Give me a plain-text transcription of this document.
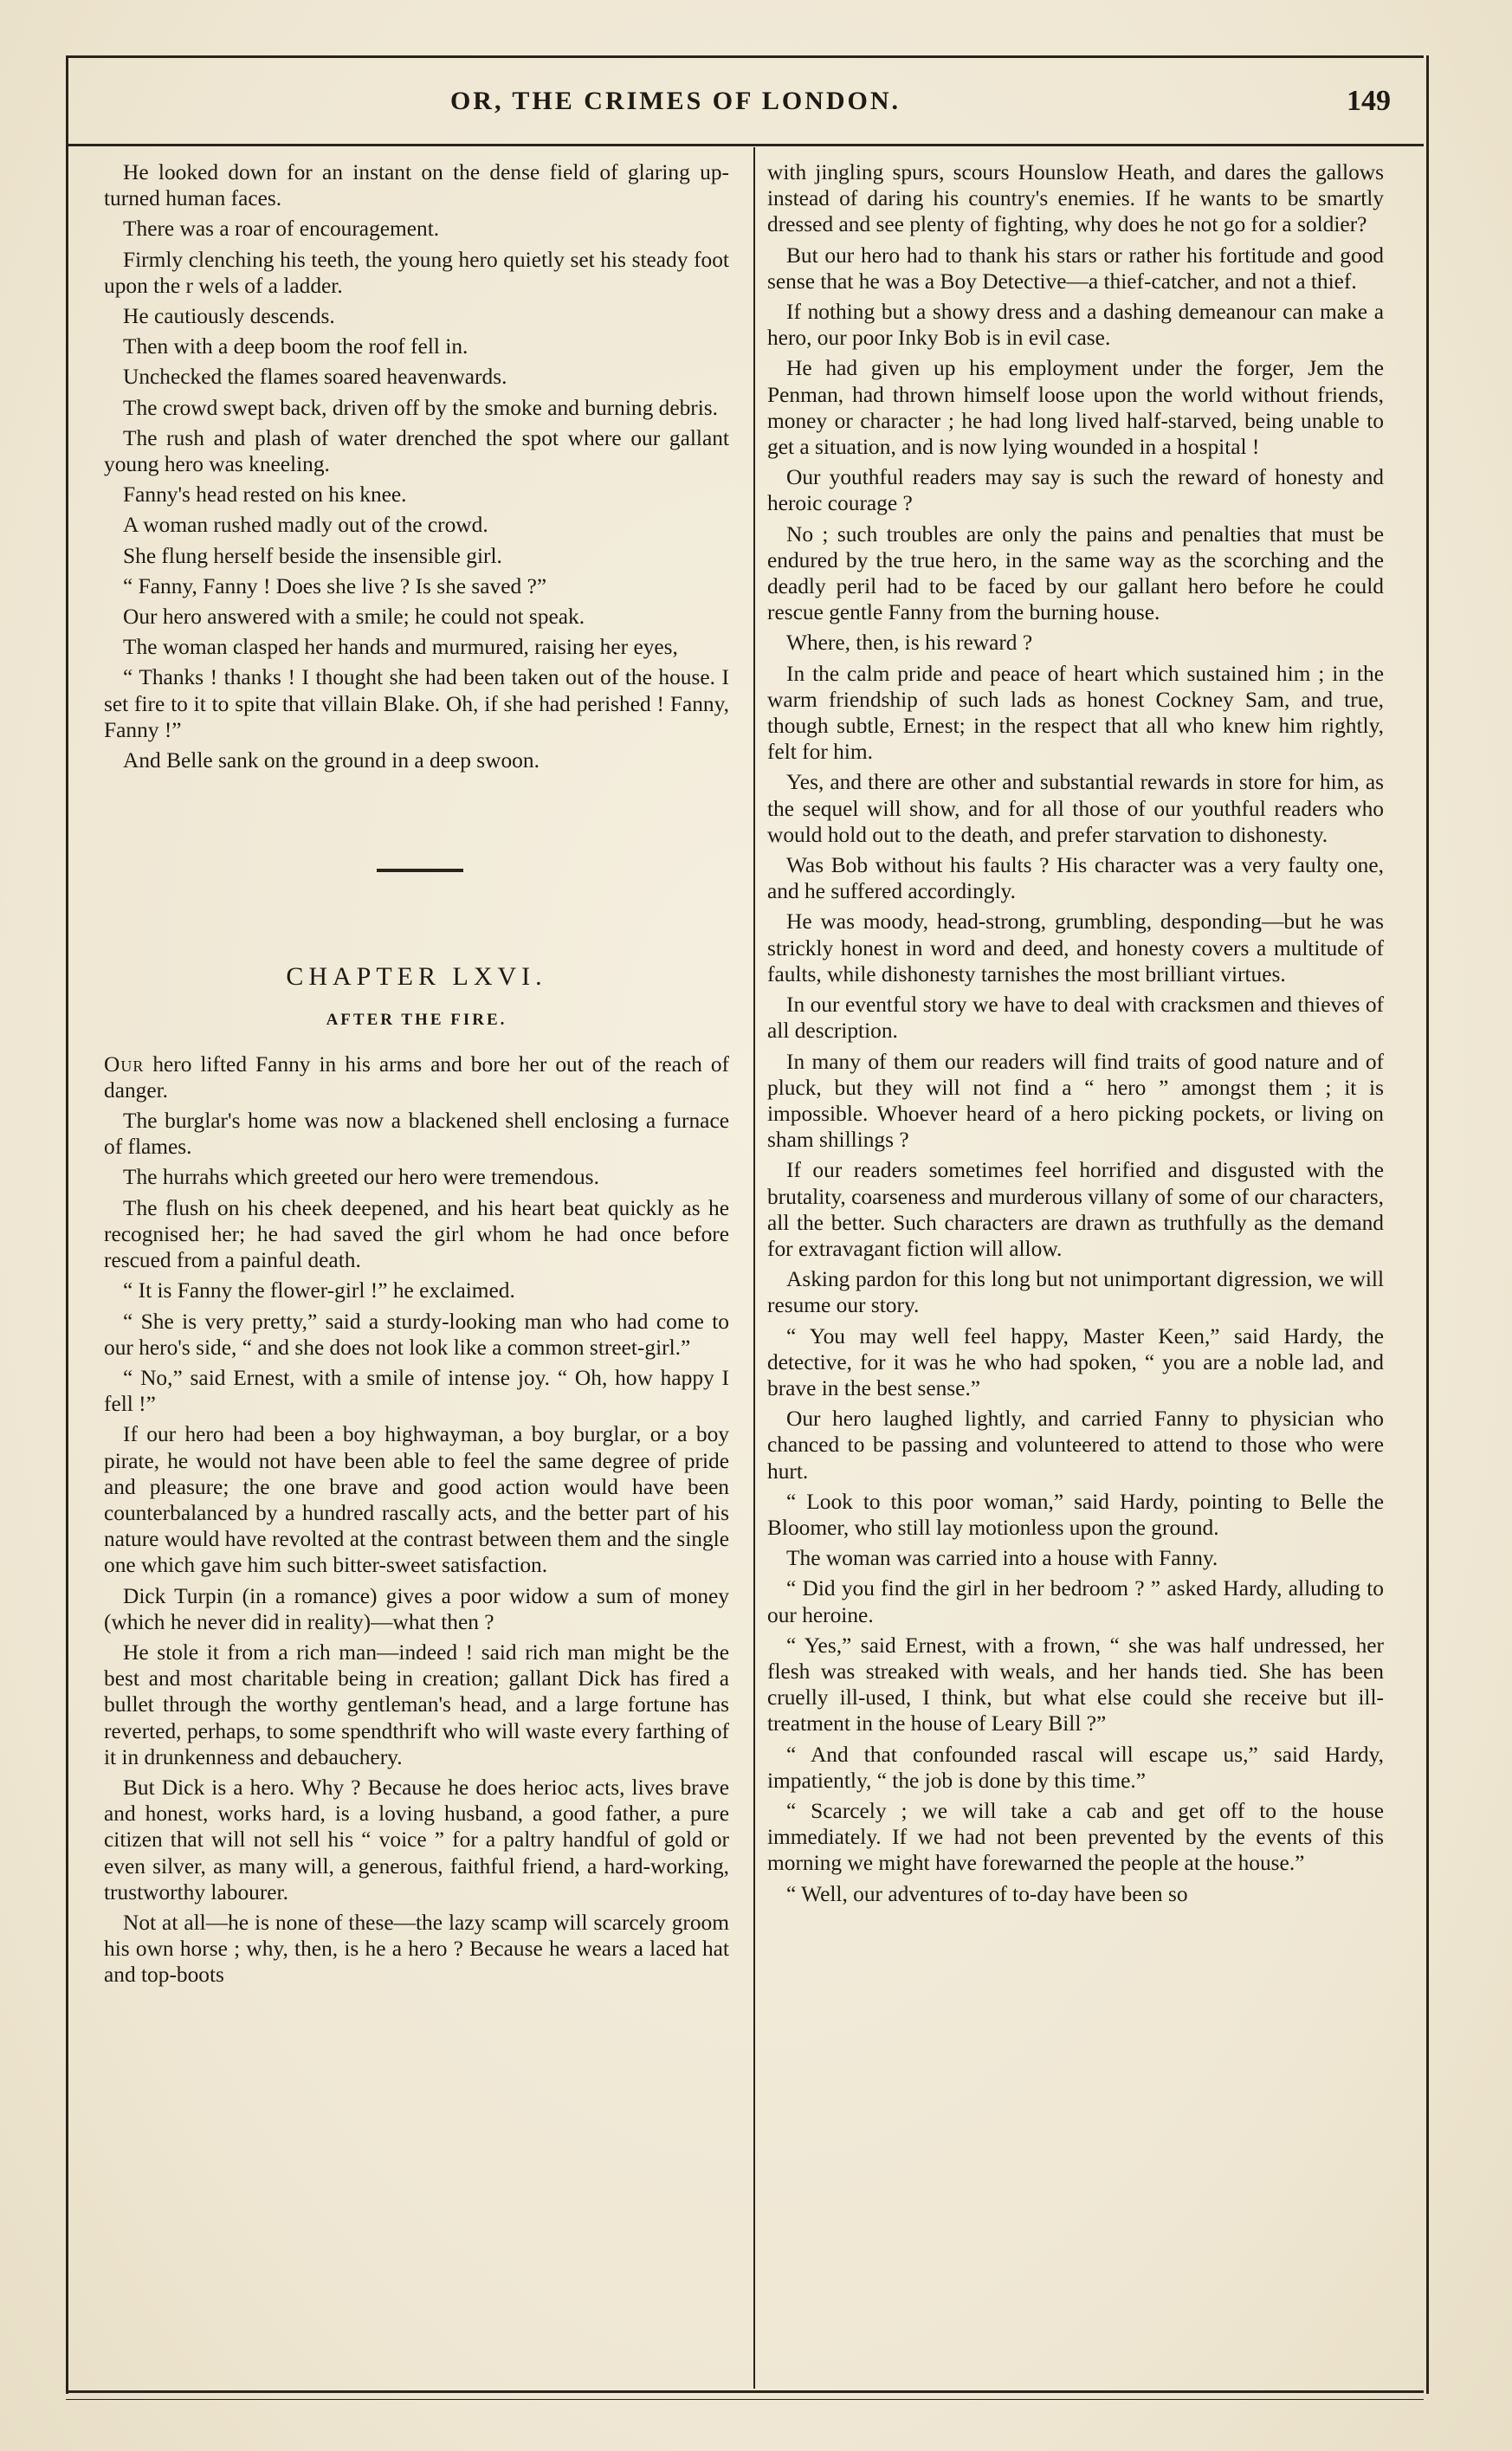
OR, THE CRIMES OF LONDON.	149

He looked down for an instant on the dense field of glaring up-turned human faces.

There was a roar of encouragement.

Firmly clenching his teeth, the young hero quietly set his steady foot upon the r wels of a ladder.

He cautiously descends.

Then with a deep boom the roof fell in.

Unchecked the flames soared heavenwards.

The crowd swept back, driven off by the smoke and burning debris.

The rush and plash of water drenched the spot where our gallant young hero was kneeling.

Fanny's head rested on his knee.

A woman rushed madly out of the crowd.

She flung herself beside the insensible girl.

“ Fanny, Fanny ! Does she live ? Is she saved ?”

Our hero answered with a smile; he could not speak.

The woman clasped her hands and murmured, raising her eyes,

“ Thanks ! thanks ! I thought she had been taken out of the house. I set fire to it to spite that villain Blake. Oh, if she had perished ! Fanny, Fanny !”

And Belle sank on the ground in a deep swoon.

CHAPTER LXVI.
AFTER THE FIRE.

Our hero lifted Fanny in his arms and bore her out of the reach of danger.

The burglar's home was now a blackened shell enclosing a furnace of flames.

The hurrahs which greeted our hero were tremendous.

The flush on his cheek deepened, and his heart beat quickly as he recognised her; he had saved the girl whom he had once before rescued from a painful death.

“ It is Fanny the flower-girl !” he exclaimed.

“ She is very pretty,” said a sturdy-looking man who had come to our hero's side, “ and she does not look like a common street-girl.”

“ No,” said Ernest, with a smile of intense joy. “ Oh, how happy I fell !”

If our hero had been a boy highwayman, a boy burglar, or a boy pirate, he would not have been able to feel the same degree of pride and pleasure; the one brave and good action would have been counterbalanced by a hundred rascally acts, and the better part of his nature would have revolted at the contrast between them and the single one which gave him such bitter-sweet satisfaction.

Dick Turpin (in a romance) gives a poor widow a sum of money (which he never did in reality)—what then ?

He stole it from a rich man—indeed ! said rich man might be the best and most charitable being in creation; gallant Dick has fired a bullet through the worthy gentleman's head, and a large fortune has reverted, perhaps, to some spendthrift who will waste every farthing of it in drunkenness and debauchery.

But Dick is a hero. Why ? Because he does herioc acts, lives brave and honest, works hard, is a loving husband, a good father, a pure citizen that will not sell his “ voice ” for a paltry handful of gold or even silver, as many will, a generous, faithful friend, a hard-working, trustworthy labourer.

Not at all—he is none of these—the lazy scamp will scarcely groom his own horse ; why, then, is he a hero ? Because he wears a laced hat and top-boots

with jingling spurs, scours Hounslow Heath, and dares the gallows instead of daring his country's enemies. If he wants to be smartly dressed and see plenty of fighting, why does he not go for a soldier?

But our hero had to thank his stars or rather his fortitude and good sense that he was a Boy Detective—a thief-catcher, and not a thief.

If nothing but a showy dress and a dashing demeanour can make a hero, our poor Inky Bob is in evil case.

He had given up his employment under the forger, Jem the Penman, had thrown himself loose upon the world without friends, money or character ; he had long lived half-starved, being unable to get a situation, and is now lying wounded in a hospital !

Our youthful readers may say is such the reward of honesty and heroic courage ?

No ; such troubles are only the pains and penalties that must be endured by the true hero, in the same way as the scorching and the deadly peril had to be faced by our gallant hero before he could rescue gentle Fanny from the burning house.

Where, then, is his reward ?

In the calm pride and peace of heart which sustained him ; in the warm friendship of such lads as honest Cockney Sam, and true, though subtle, Ernest; in the respect that all who knew him rightly, felt for him.

Yes, and there are other and substantial rewards in store for him, as the sequel will show, and for all those of our youthful readers who would hold out to the death, and prefer starvation to dishonesty.

Was Bob without his faults ? His character was a very faulty one, and he suffered accordingly.

He was moody, head-strong, grumbling, desponding—but he was strickly honest in word and deed, and honesty covers a multitude of faults, while dishonesty tarnishes the most brilliant virtues.

In our eventful story we have to deal with cracksmen and thieves of all description.

In many of them our readers will find traits of good nature and of pluck, but they will not find a “ hero ” amongst them ; it is impossible. Whoever heard of a hero picking pockets, or living on sham shillings ?

If our readers sometimes feel horrified and disgusted with the brutality, coarseness and murderous villany of some of our characters, all the better. Such characters are drawn as truthfully as the demand for extravagant fiction will allow.

Asking pardon for this long but not unimportant digression, we will resume our story.

“ You may well feel happy, Master Keen,” said Hardy, the detective, for it was he who had spoken, “ you are a noble lad, and brave in the best sense.”

Our hero laughed lightly, and carried Fanny to physician who chanced to be passing and volunteered to attend to those who were hurt.

“ Look to this poor woman,” said Hardy, pointing to Belle the Bloomer, who still lay motionless upon the ground.

The woman was carried into a house with Fanny.

“ Did you find the girl in her bedroom ? ” asked Hardy, alluding to our heroine.

“ Yes,” said Ernest, with a frown, “ she was half undressed, her flesh was streaked with weals, and her hands tied. She has been cruelly ill-used, I think, but what else could she receive but ill-treatment in the house of Leary Bill ?”

“ And that confounded rascal will escape us,” said Hardy, impatiently, “ the job is done by this time.”

“ Scarcely ; we will take a cab and get off to the house immediately. If we had not been prevented by the events of this morning we might have forewarned the people at the house.”

“ Well, our adventures of to-day have been so
